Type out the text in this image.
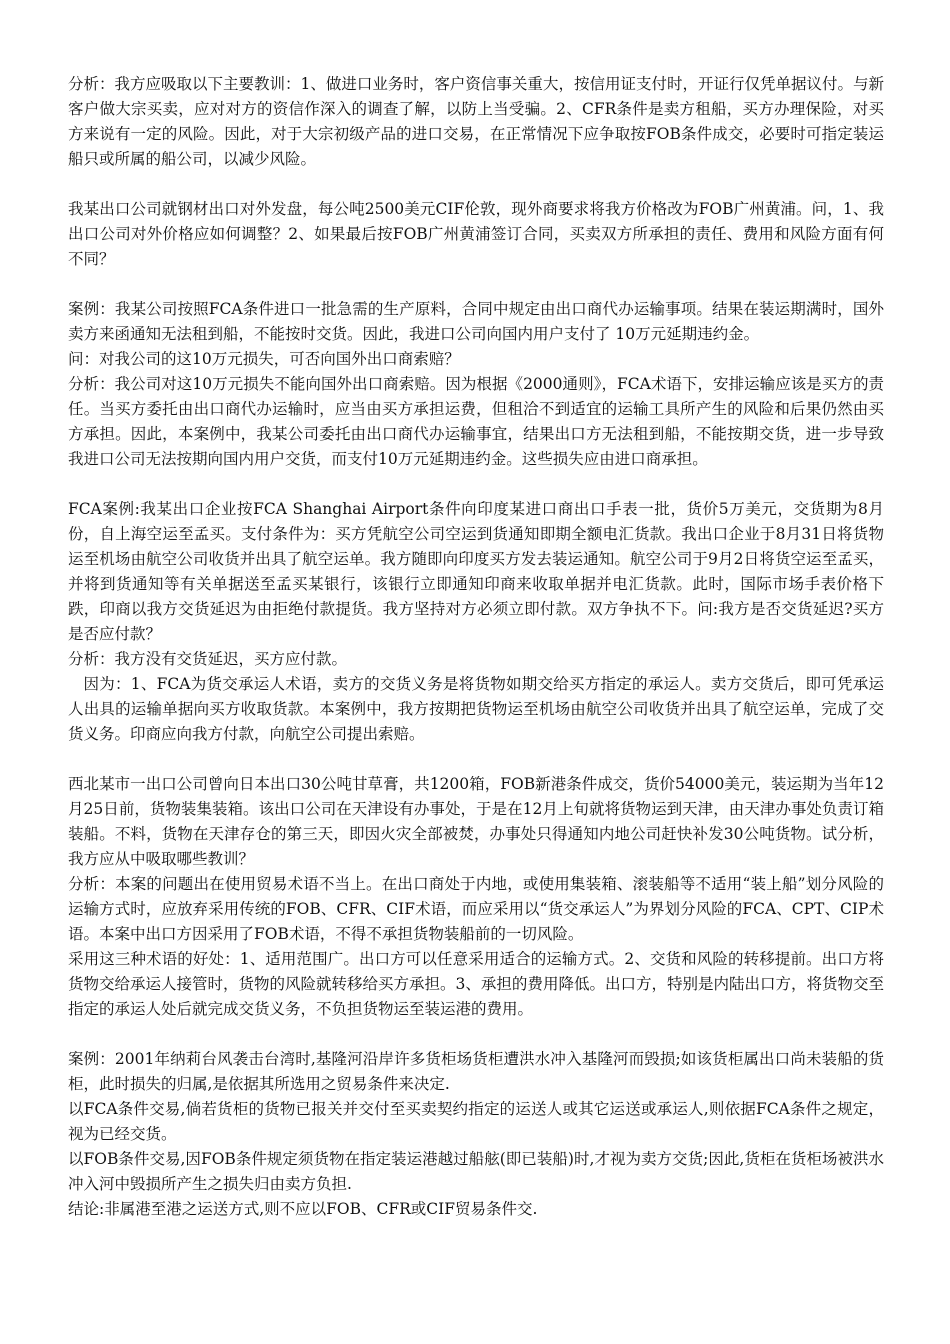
分析：我方应吸取以下主要教训：1、做进口业务时，客户资信事关重大，按信用证支付时，开证行仅凭单据议付。与新客户做大宗买卖，应对对方的资信作深入的调查了解，以防上当受骗。2、CFR条件是卖方租船，买方办理保险，对买方来说有一定的风险。因此，对于大宗初级产品的进口交易，在正常情况下应争取按FOB条件成交，必要时可指定装运船只或所属的船公司，以减少风险。

我某出口公司就钢材出口对外发盘，每公吨2500美元CIF伦敦，现外商要求将我方价格改为FOB广州黄浦。问，1、我出口公司对外价格应如何调整？2、如果最后按FOB广州黄浦签订合同，买卖双方所承担的责任、费用和风险方面有何不同？

案例：我某公司按照FCA条件进口一批急需的生产原料，合同中规定由出口商代办运输事项。结果在装运期满时，国外卖方来函通知无法租到船，不能按时交货。因此，我进口公司向国内用户支付了 10万元延期违约金。

问：对我公司的这10万元损失，可否向国外出口商索赔？

分析：我公司对这10万元损失不能向国外出口商索赔。因为根据《2000通则》，FCA术语下，安排运输应该是买方的责任。当买方委托由出口商代办运输时，应当由买方承担运费，但租洽不到适宜的运输工具所产生的风险和后果仍然由买方承担。因此，本案例中，我某公司委托由出口商代办运输事宜，结果出口方无法租到船，不能按期交货，进一步导致我进口公司无法按期向国内用户交货，而支付10万元延期违约金。这些损失应由进口商承担。

FCA案例:我某出口企业按FCA Shanghai Airport条件向印度某进口商出口手表一批，货价5万美元，交货期为8月份，自上海空运至孟买。支付条件为：买方凭航空公司空运到货通知即期全额电汇货款。我出口企业于8月31日将货物运至机场由航空公司收货并出具了航空运单。我方随即向印度买方发去装运通知。航空公司于9月2日将货空运至孟买，并将到货通知等有关单据送至孟买某银行，该银行立即通知印商来收取单据并电汇货款。此时，国际市场手表价格下跌，印商以我方交货延迟为由拒绝付款提货。我方坚持对方必须立即付款。双方争执不下。问:我方是否交货延迟?买方是否应付款？

分析：我方没有交货延迟，买方应付款。

因为：1、FCA为货交承运人术语，卖方的交货义务是将货物如期交给买方指定的承运人。卖方交货后，即可凭承运人出具的运输单据向买方收取货款。本案例中，我方按期把货物运至机场由航空公司收货并出具了航空运单，完成了交货义务。印商应向我方付款，向航空公司提出索赔。

西北某市一出口公司曾向日本出口30公吨甘草膏，共1200箱，FOB新港条件成交，货价54000美元，装运期为当年12月25日前，货物装集装箱。该出口公司在天津设有办事处，于是在12月上旬就将货物运到天津，由天津办事处负责订箱装船。不料，货物在天津存仓的第三天，即因火灾全部被焚，办事处只得通知内地公司赶快补发30公吨货物。试分析，我方应从中吸取哪些教训？

分析：本案的问题出在使用贸易术语不当上。在出口商处于内地，或使用集装箱、滚装船等不适用“装上船”划分风险的运输方式时，应放弃采用传统的FOB、CFR、CIF术语，而应采用以“货交承运人”为界划分风险的FCA、CPT、CIP术语。本案中出口方因采用了FOB术语，不得不承担货物装船前的一切风险。

采用这三种术语的好处：1、适用范围广。出口方可以任意采用适合的运输方式。2、交货和风险的转移提前。出口方将货物交给承运人接管时，货物的风险就转移给买方承担。3、承担的费用降低。出口方，特别是内陆出口方，将货物交至指定的承运人处后就完成交货义务，不负担货物运至装运港的费用。

案例：2001年纳莉台风袭击台湾时,基隆河沿岸许多货柜场货柜遭洪水冲入基隆河而毁损;如该货柜属出口尚未装船的货柜，此时损失的归属,是依据其所选用之贸易条件来决定.

以FCA条件交易,倘若货柜的货物已报关并交付至买卖契约指定的运送人或其它运送或承运人,则依据FCA条件之规定，视为已经交货。

以FOB条件交易,因FOB条件规定须货物在指定装运港越过船舷(即已装船)时,才视为卖方交货;因此,货柜在货柜场被洪水冲入河中毁损所产生之损失归由卖方负担.

结论:非属港至港之运送方式,则不应以FOB、CFR或CIF贸易条件交.
